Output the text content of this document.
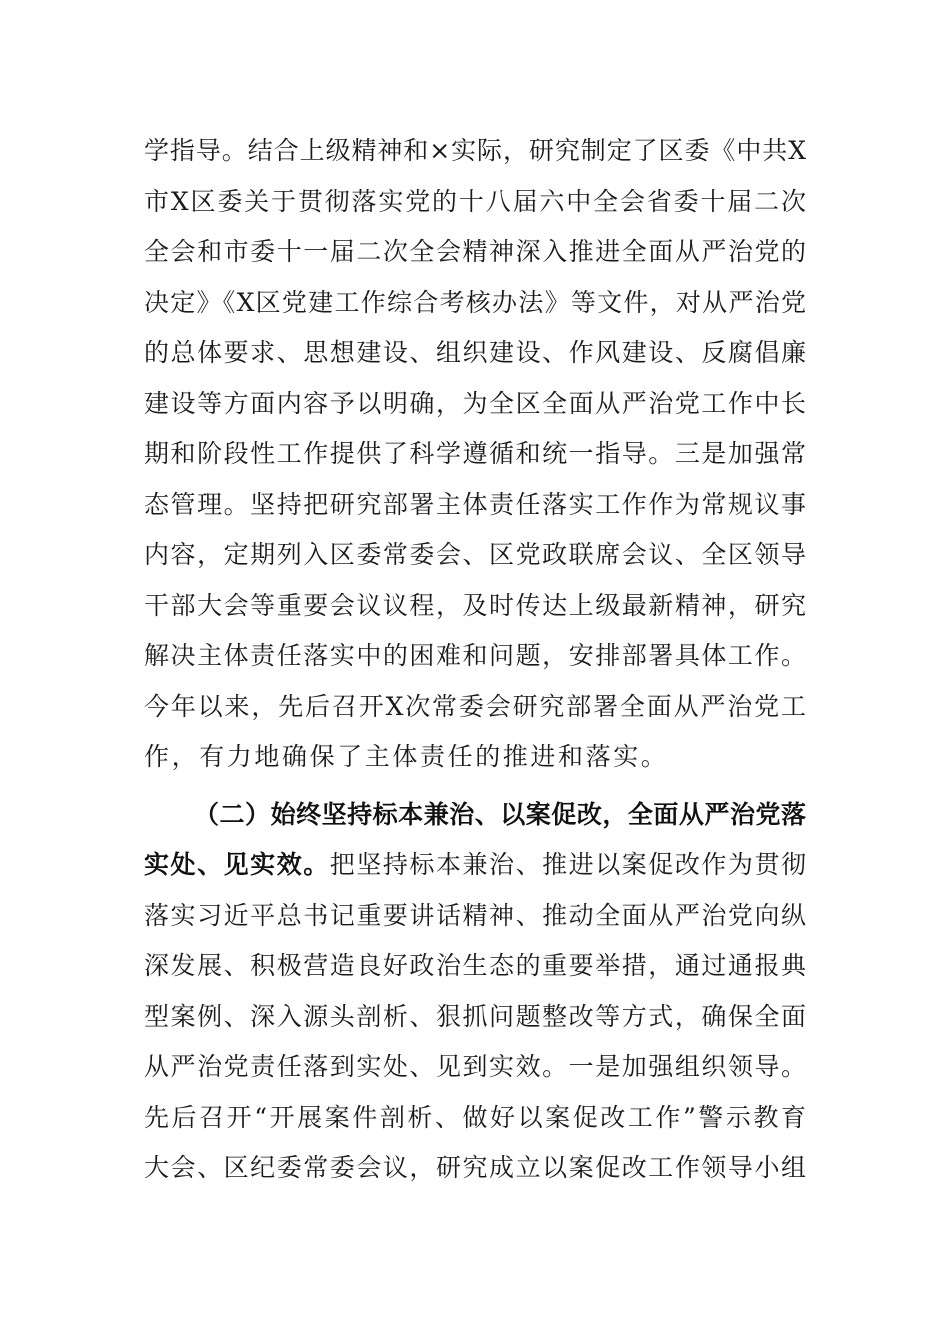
学指导。结合上级精神和×实际，研究制定了区委《中共X
市X区委关于贯彻落实党的十八届六中全会省委十届二次
全会和市委十一届二次全会精神深入推进全面从严治党的
决定》《X区党建工作综合考核办法》等文件，对从严治党
的总体要求、思想建设、组织建设、作风建设、反腐倡廉
建设等方面内容予以明确，为全区全面从严治党工作中长
期和阶段性工作提供了科学遵循和统一指导。三是加强常
态管理。坚持把研究部署主体责任落实工作作为常规议事
内容，定期列入区委常委会、区党政联席会议、全区领导
干部大会等重要会议议程，及时传达上级最新精神，研究
解决主体责任落实中的困难和问题，安排部署具体工作。
今年以来，先后召开X次常委会研究部署全面从严治党工
作，有力地确保了主体责任的推进和落实。
（二）始终坚持标本兼治、以案促改，全面从严治党落
实处、见实效。把坚持标本兼治、推进以案促改作为贯彻
落实习近平总书记重要讲话精神、推动全面从严治党向纵
深发展、积极营造良好政治生态的重要举措，通过通报典
型案例、深入源头剖析、狠抓问题整改等方式，确保全面
从严治党责任落到实处、见到实效。一是加强组织领导。
先后召开“开展案件剖析、做好以案促改工作”警示教育
大会、区纪委常委会议，研究成立以案促改工作领导小组
